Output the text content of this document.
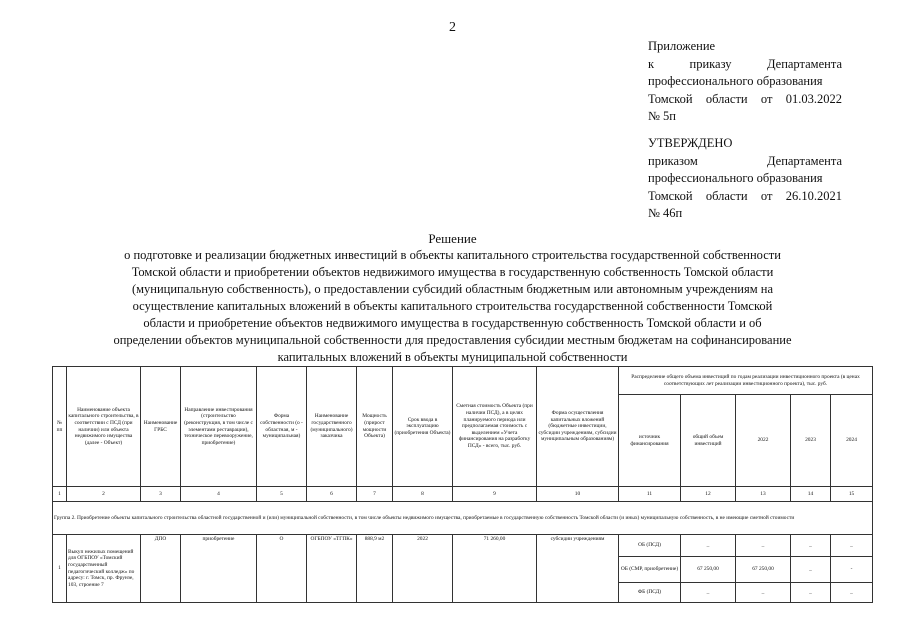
2
Приложение
к приказу Департамента
профессионального образования
Томской области от 01.03.2022
№ 5п
УТВЕРЖДЕНО
приказом Департамента
профессионального образования
Томской области от 26.10.2021
№ 46п
Решение
о подготовке и реализации бюджетных инвестиций в объекты капитального строительства государственной собственности
Томской области и приобретении объектов недвижимого имущества в государственную собственность Томской области
(муниципальную собственность), о предоставлении субсидий областным бюджетным или автономным учреждениям на
осуществление капитальных вложений в объекты капитального строительства государственной собственности Томской
области и приобретение объектов недвижимого имущества в государственную собственность Томской области и об
определении объектов муниципальной собственности для предоставления субсидии местным бюджетам на софинансирование
капитальных вложений в объекты муниципальной собственности
№ пп	Наименование объекта капитального строительства, в соответствии с ПСД (при наличии) или объекта недвижимого имущества (далее - Объект)	Наименование ГРБС	Направление инвестирования (строительство (реконструкция, в том числе с элементами реставрации), техническое перевооружение, приобретение)	Форма собственности (о - областная, м - муниципальная)	Наименование государственного (муниципального) заказчика	Мощность (прирост мощности Объекта)	Срок ввода в эксплуатацию (приобретения Объекта)	Сметная стоимость Объекта (при наличии ПСД), а в целях планируемого периода или предполагаемая стоимость с выделением «Учета финансирования на разработку ПСД» - всего, тыс. руб.	Форма осуществления капитальных вложений (бюджетные инвестиции, субсидии учреждениям, субсидии муниципальным образованиям)	Распределение общего объема инвестиций по годам реализации инвестиционного проекта (в ценах соответствующих лет реализации инвестиционного проекта), тыс. руб.				
										источник финансирования	общий объем инвестиций	2022	2023	2024
1	2	3	4	5	6	7	8	9	10	11	12	13	14	15
Группа 2. Приобретение объекты капитального строительства областной государственной и (или) муниципальной собственности, в том числе объекты недвижимого имущества, приобретаемые в государственную собственность Томской области (и иных) муниципальную собственность, в не имеющие сметной стоимости														
1	Выкуп нежилых помещений для ОГБПОУ «Томский государственный педагогический колледж» по адресу: г. Томск, пр. Фрунзе, 103, строение 7	ДПО	приобретение	О	ОГБПОУ «ТГПК»	888,9 м2	2022	71 260,00	субсидии учреждениям	ОБ (ПСД)	_	_	_	_
										ОБ (СМР, приобретение)	67 250,00	67 250,00	_	-
										ФБ (ПСД)	_	_	_	_
